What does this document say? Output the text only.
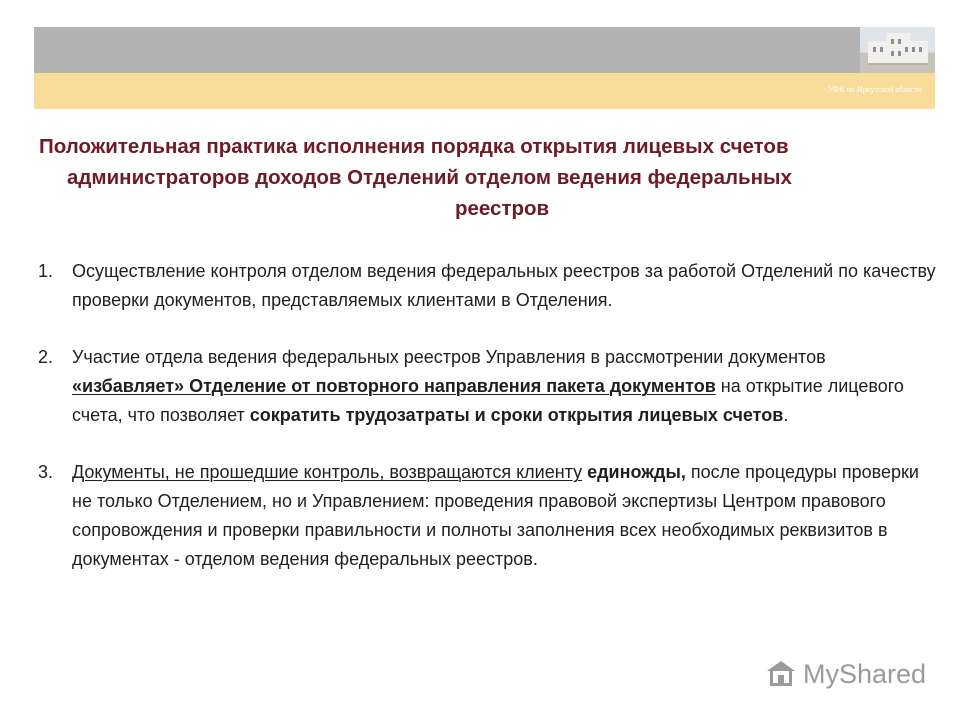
УФК по Иркутской области
Положительная практика исполнения порядка открытия лицевых счетов
администраторов доходов Отделений отделом ведения федеральных
реестров
1. Осуществление контроля отделом ведения федеральных реестров за работой Отделений по качеству проверки документов, представляемых клиентами в Отделения.
2. Участие отдела ведения федеральных реестров Управления в рассмотрении документов «избавляет» Отделение от повторного направления пакета документов на открытие лицевого счета, что позволяет сократить трудозатраты и сроки открытия лицевых счетов.
3. Документы, не прошедшие контроль, возвращаются клиенту единожды, после процедуры проверки не только Отделением, но и Управлением: проведения правовой экспертизы Центром правового сопровождения и проверки правильности и полноты заполнения всех необходимых реквизитов в документах - отделом ведения федеральных реестров.
MyShared
